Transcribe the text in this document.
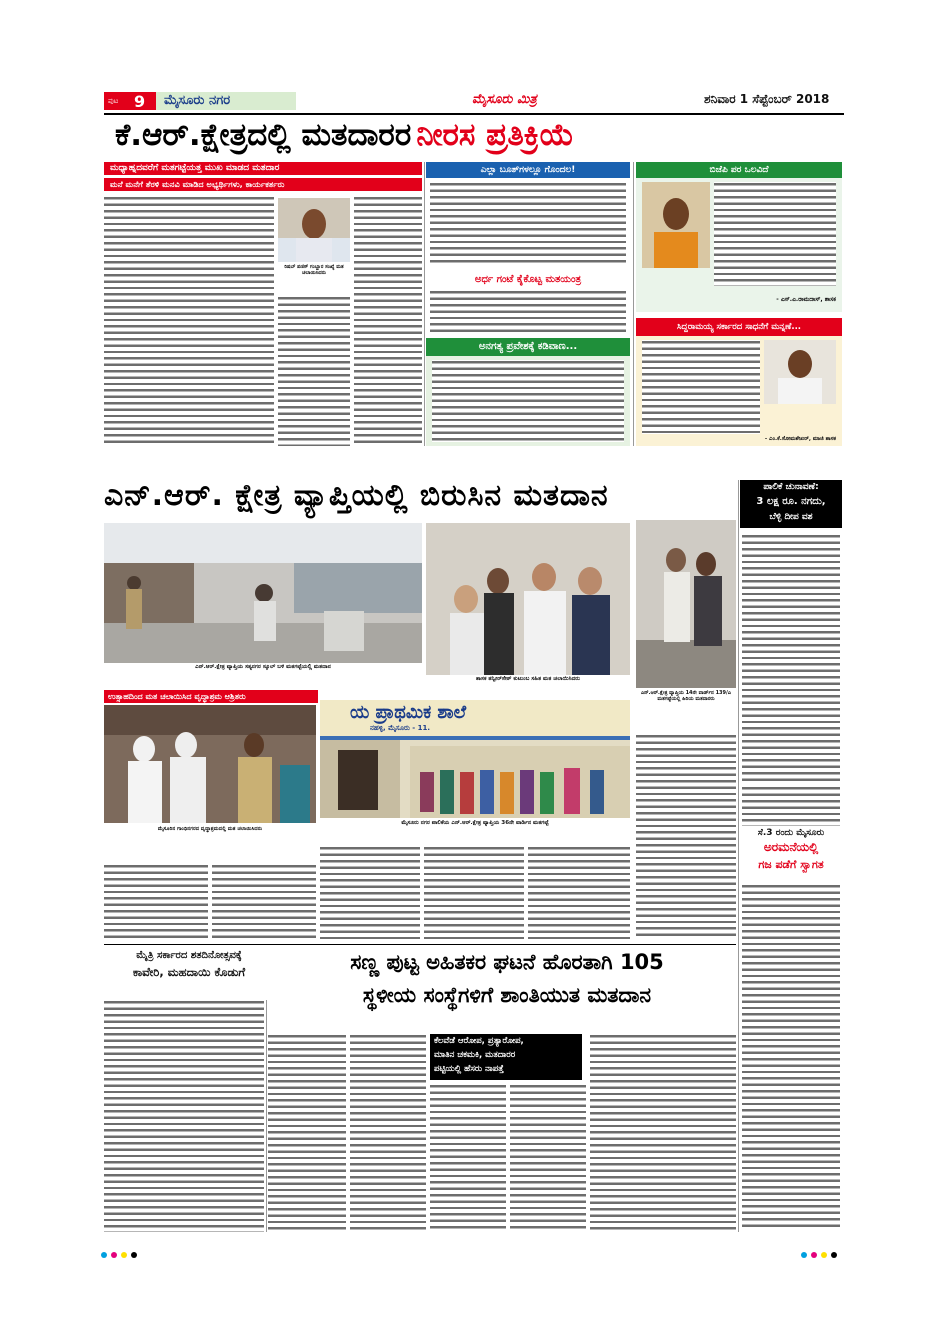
ಪುಟ 9 ಮೈಸೂರು ನಗರ	ಮೈಸೂರು ಮಿತ್ರ	ಶನಿವಾರ 1 ಸೆಪ್ಟೆಂಬರ್ 2018
ಕೆ.ಆರ್.ಕ್ಷೇತ್ರದಲ್ಲಿ ಮತದಾರರ ನೀರಸ ಪ್ರತಿಕ್ರಿಯೆ
ಮಧ್ಯಾಹ್ನದವರೆಗೆ ಮತಗಟ್ಟೆಯತ್ತ ಮುಖ ಮಾಡದ ಮತದಾರ
ಮನೆ ಮನೆಗೆ ತೆರಳಿ ಮನವಿ ಮಾಡಿದ ಅಭ್ಯರ್ಥಿಗಳು, ಕಾರ್ಯಕರ್ತರು
ರಿಷಬ್ ಪಣಿಸ್ ಗಂಬ್ಹಾರ ಸಂಖ್ಯೆ ಮತ ಚಲಾಯಿಸಿದರು
ಎಲ್ಲಾ ಬೂತ್‌ಗಳಲ್ಲೂ ಗೊಂದಲ!
ಅರ್ಧ ಗಂಟೆ ಕೈಕೊಟ್ಟ ಮತಯಂತ್ರ
ಅನಗತ್ಯ ಪ್ರವೇಶಕ್ಕೆ ಕಡಿವಾಣ...
ಬಿಜೆಪಿ ಪರ ಒಲವಿದೆ
- ಎಸ್.ಎ.ರಾಮದಾಸ್, ಶಾಸಕ
ಸಿದ್ದರಾಮಯ್ಯ ಸರ್ಕಾರದ ಸಾಧನೆಗೆ ಮನ್ನಣೆ...
- ಎಂ.ಕೆ.ಸೋಮಶೇಖರ್, ಮಾಜಿ ಶಾಸಕ
ಎನ್.ಆರ್. ಕ್ಷೇತ್ರ ವ್ಯಾಪ್ತಿಯಲ್ಲಿ ಬಿರುಸಿನ ಮತದಾನ
ಎನ್.ಆರ್.ಕ್ಷೇತ್ರ ವ್ಯಾಪ್ತಿಯ ಸತ್ಯನಗರ ಸ್ಕೂಲ್ ಬಳಿ ಮತಗಟ್ಟೆಯಲ್ಲಿ ಮತದಾನ
ಶಾಸಕ ತನ್ವೀರ್‌ಸೇಠ್ ಕುಟುಂಬ ಸಹಿತ ಮತ ಚಲಾಯಿಸಿದರು
ಎನ್.ಆರ್.ಕ್ಷೇತ್ರ ವ್ಯಾಪ್ತಿಯ 14ನೇ ವಾರ್ಡ್‌ನ 139/ಎ ಮತಗಟ್ಟೆಯಲ್ಲಿ ಹಿರಿಯ ಮತದಾರರು
ಪಾಲಿಕೆ ಚುನಾವಣೆ:
3 ಲಕ್ಷ ರೂ. ನಗದು,
ಬೆಳ್ಳಿ ದೀಪ ವಶ
ಉತ್ಸಾಹದಿಂದ ಮತ ಚಲಾಯಿಸಿದ ವೃದ್ಧಾಶ್ರಮ ಆಶ್ರಿತರು
ಮೈಸೂರಿನ ಗಾಂಧಿನಗರದ ವೃದ್ಧಾಶ್ರಮದಲ್ಲಿ ಮತ ಚಲಾಯಿಸಿದರು
ಯ ಪ್ರಾಥಮಿಕ ಶಾಲೆ
ನಹಳ್ಳಿ, ಮೈಸೂರು - 11.
ಮೈಸೂರು ನಗರ ಪಾಲಿಕೆಯ ಎನ್.ಆರ್.ಕ್ಷೇತ್ರ ವ್ಯಾಪ್ತಿಯ 36ನೇ ವಾರ್ಡಿನ ಮತಗಟ್ಟೆ
ಸೆ.3 ರಂದು ಮೈಸೂರು
ಅರಮನೆಯಲ್ಲಿ
ಗಜ ಪಡೆಗೆ ಸ್ವಾಗತ
ಮೈತ್ರಿ ಸರ್ಕಾರದ ಶತದಿನೋತ್ಸವಕ್ಕೆ
ಕಾವೇರಿ, ಮಹದಾಯಿ ಕೊಡುಗೆ	ಸಣ್ಣ ಪುಟ್ಟ ಅಹಿತಕರ ಘಟನೆ ಹೊರತಾಗಿ 105
ಸ್ಥಳೀಯ ಸಂಸ್ಥೆಗಳಿಗೆ ಶಾಂತಿಯುತ ಮತದಾನ
ಕೆಲವೆಡೆ ಆರೋಪ, ಪ್ರತ್ಯಾರೋಪ,
ಮಾತಿನ ಚಕಮಕಿ, ಮತದಾರರ
ಪಟ್ಟಿಯಲ್ಲಿ ಹೆಸರು ನಾಪತ್ತೆ
